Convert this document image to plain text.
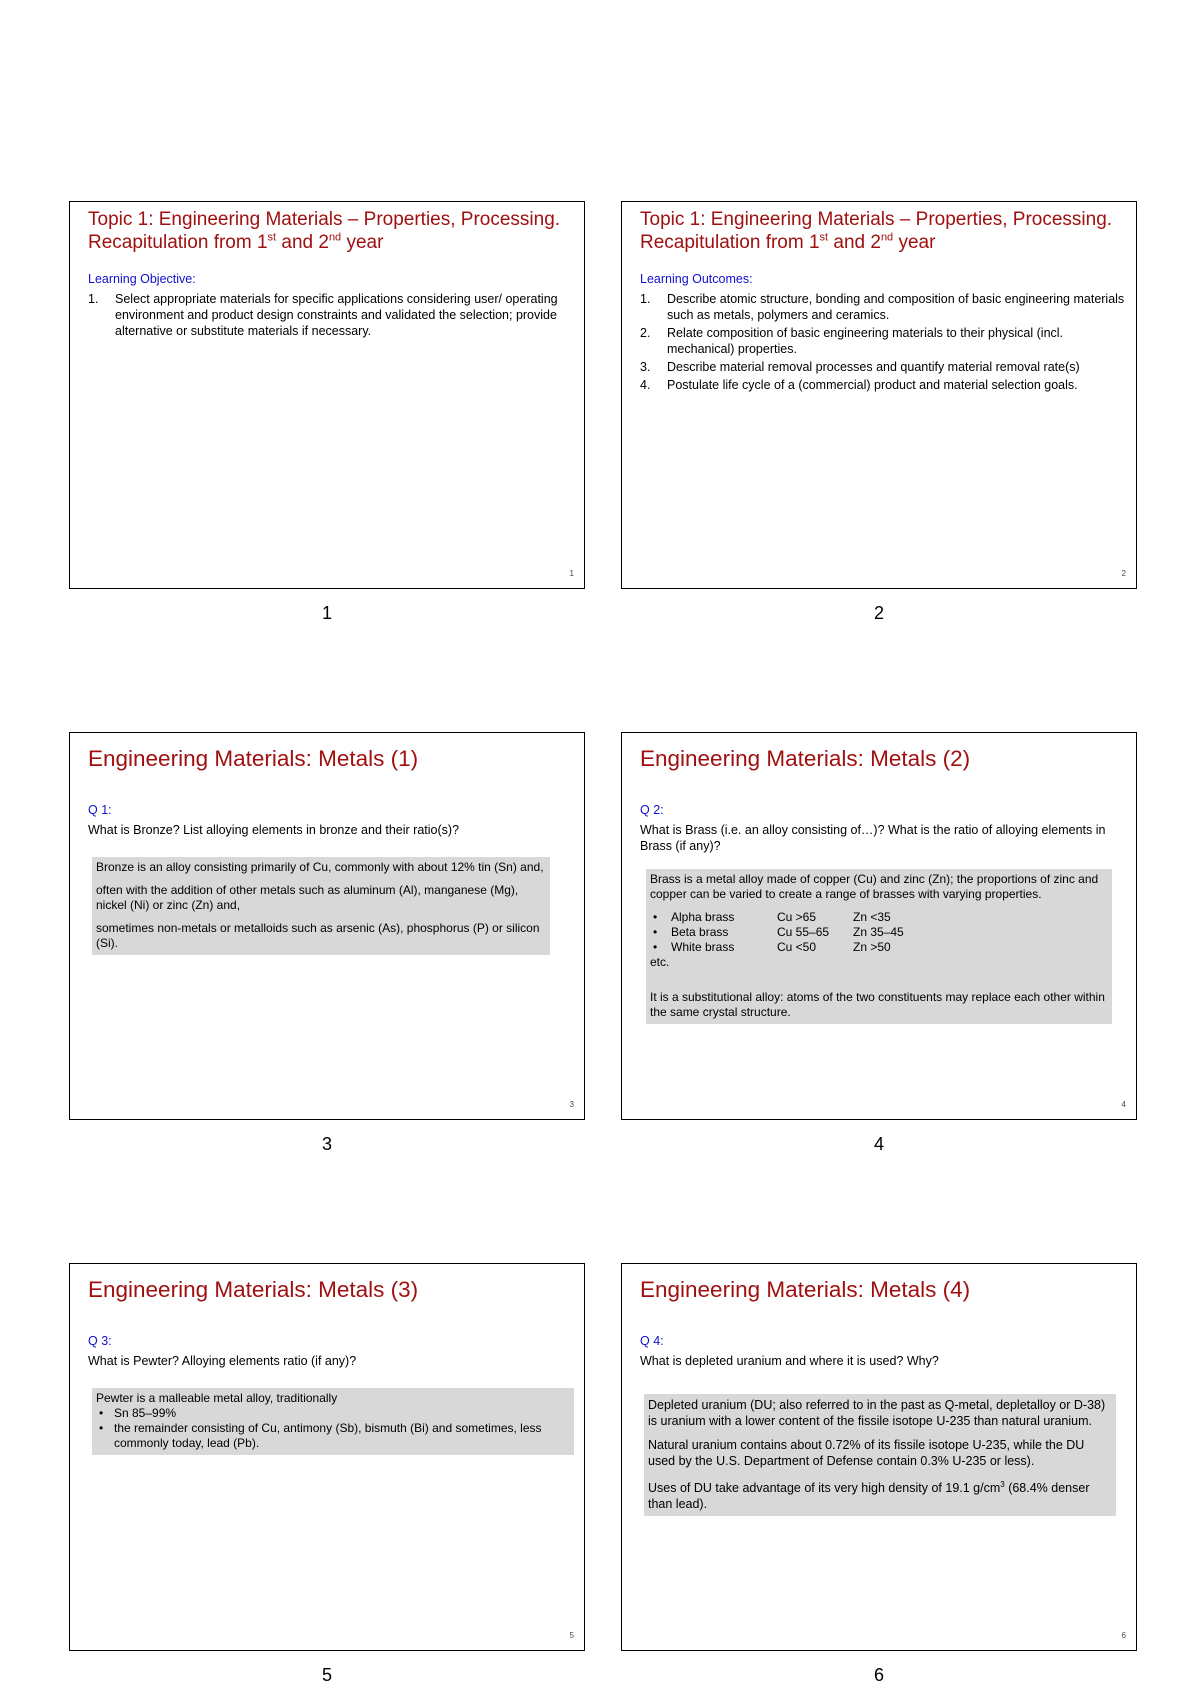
Topic 1: Engineering Materials – Properties, Processing. Recapitulation from 1st and 2nd year
Learning Objective:
1. Select appropriate materials for specific applications considering user/ operating environment and product design constraints and validated the selection; provide alternative or substitute materials if necessary.
1
1
Topic 1: Engineering Materials – Properties, Processing. Recapitulation from 1st and 2nd year
Learning Outcomes:
1. Describe atomic structure, bonding and composition of basic engineering materials such as metals, polymers and ceramics.
2. Relate composition of basic engineering materials to their physical (incl. mechanical) properties.
3. Describe material removal processes and quantify material removal rate(s)
4. Postulate life cycle of a (commercial) product and material selection goals.
2
2
Engineering Materials: Metals (1)
Q 1:
What is Bronze? List alloying elements in bronze and their ratio(s)?

Bronze is an alloy consisting primarily of Cu, commonly with about 12% tin (Sn) and,

often with the addition of other metals such as aluminum (Al), manganese (Mg), nickel (Ni) or zinc (Zn) and,

sometimes non-metals or metalloids such as arsenic (As), phosphorus (P) or silicon (Si).

3
3
Engineering Materials: Metals (2)
Q 2:
What is Brass (i.e. an alloy consisting of…)? What is the ratio of alloying elements in Brass (if any)?

Brass is a metal alloy made of copper (Cu) and zinc (Zn); the proportions of zinc and copper can be varied to create a range of brasses with varying properties.

•	Alpha brass	Cu >65	Zn <35
•	Beta brass	Cu 55–65	Zn 35–45
•	White brass	Cu <50	Zn >50

etc.

It is a substitutional alloy: atoms of the two constituents may replace each other within the same crystal structure.

4
4
Engineering Materials: Metals (3)
Q 3:
What is Pewter? Alloying elements ratio (if any)?
Pewter is a malleable metal alloy, traditionally
• Sn 85–99%
• the remainder consisting of Cu, antimony (Sb), bismuth (Bi) and sometimes, less commonly today, lead (Pb).
5
5
Engineering Materials: Metals (4)
Q 4:
What is depleted uranium and where it is used? Why?

Depleted uranium (DU; also referred to in the past as Q-metal, depletalloy or D-38) is uranium with a lower content of the fissile isotope U-235 than natural uranium.

Natural uranium contains about 0.72% of its fissile isotope U-235, while the DU used by the U.S. Department of Defense contain 0.3% U-235 or less).

Uses of DU take advantage of its very high density of 19.1 $g/cm^3$ (68.4% denser than lead).

6
6
